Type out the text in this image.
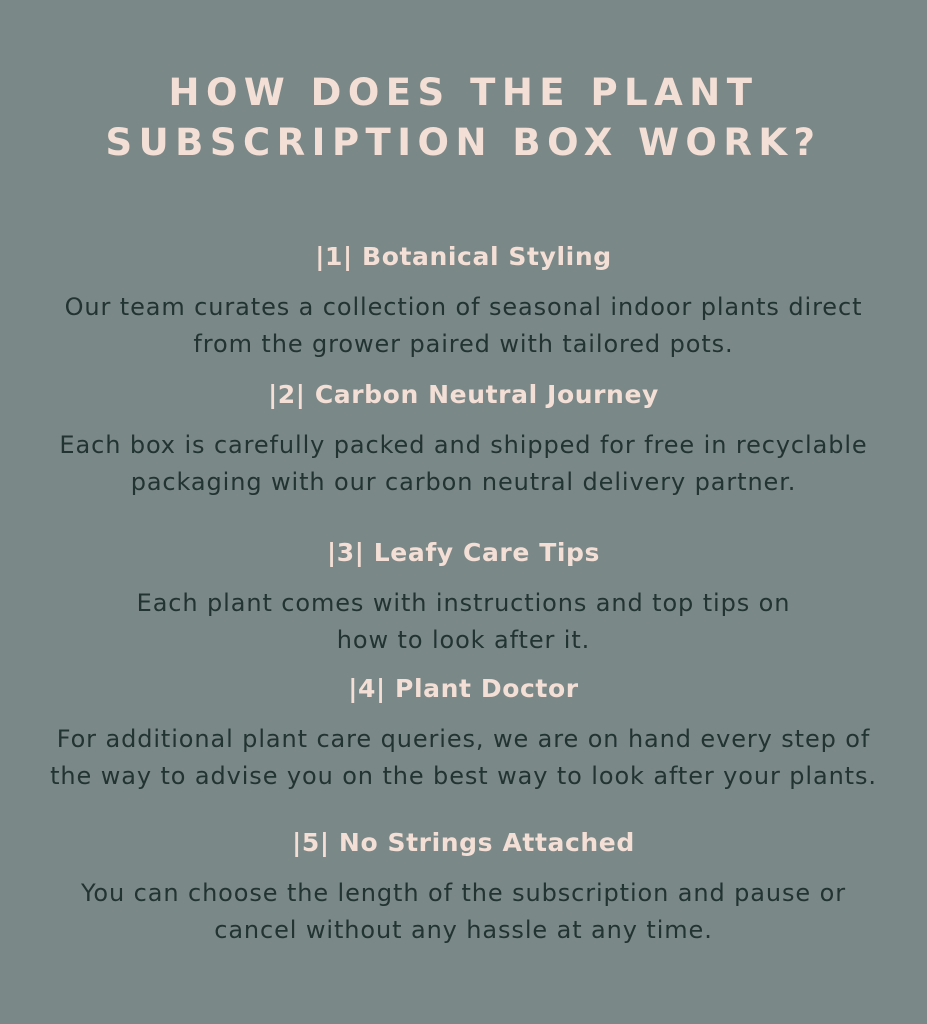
HOW DOES THE PLANT
SUBSCRIPTION BOX WORK?
|1| Botanical Styling
Our team curates a collection of seasonal indoor plants direct
from the grower paired with tailored pots.
|2| Carbon Neutral Journey
Each box is carefully packed and shipped for free in recyclable
packaging with our carbon neutral delivery partner.
|3| Leafy Care Tips
Each plant comes with instructions and top tips on
how to look after it.
|4| Plant Doctor
For additional plant care queries, we are on hand every step of
the way to advise you on the best way to look after your plants.
|5| No Strings Attached
You can choose the length of the subscription and pause or
cancel without any hassle at any time.
